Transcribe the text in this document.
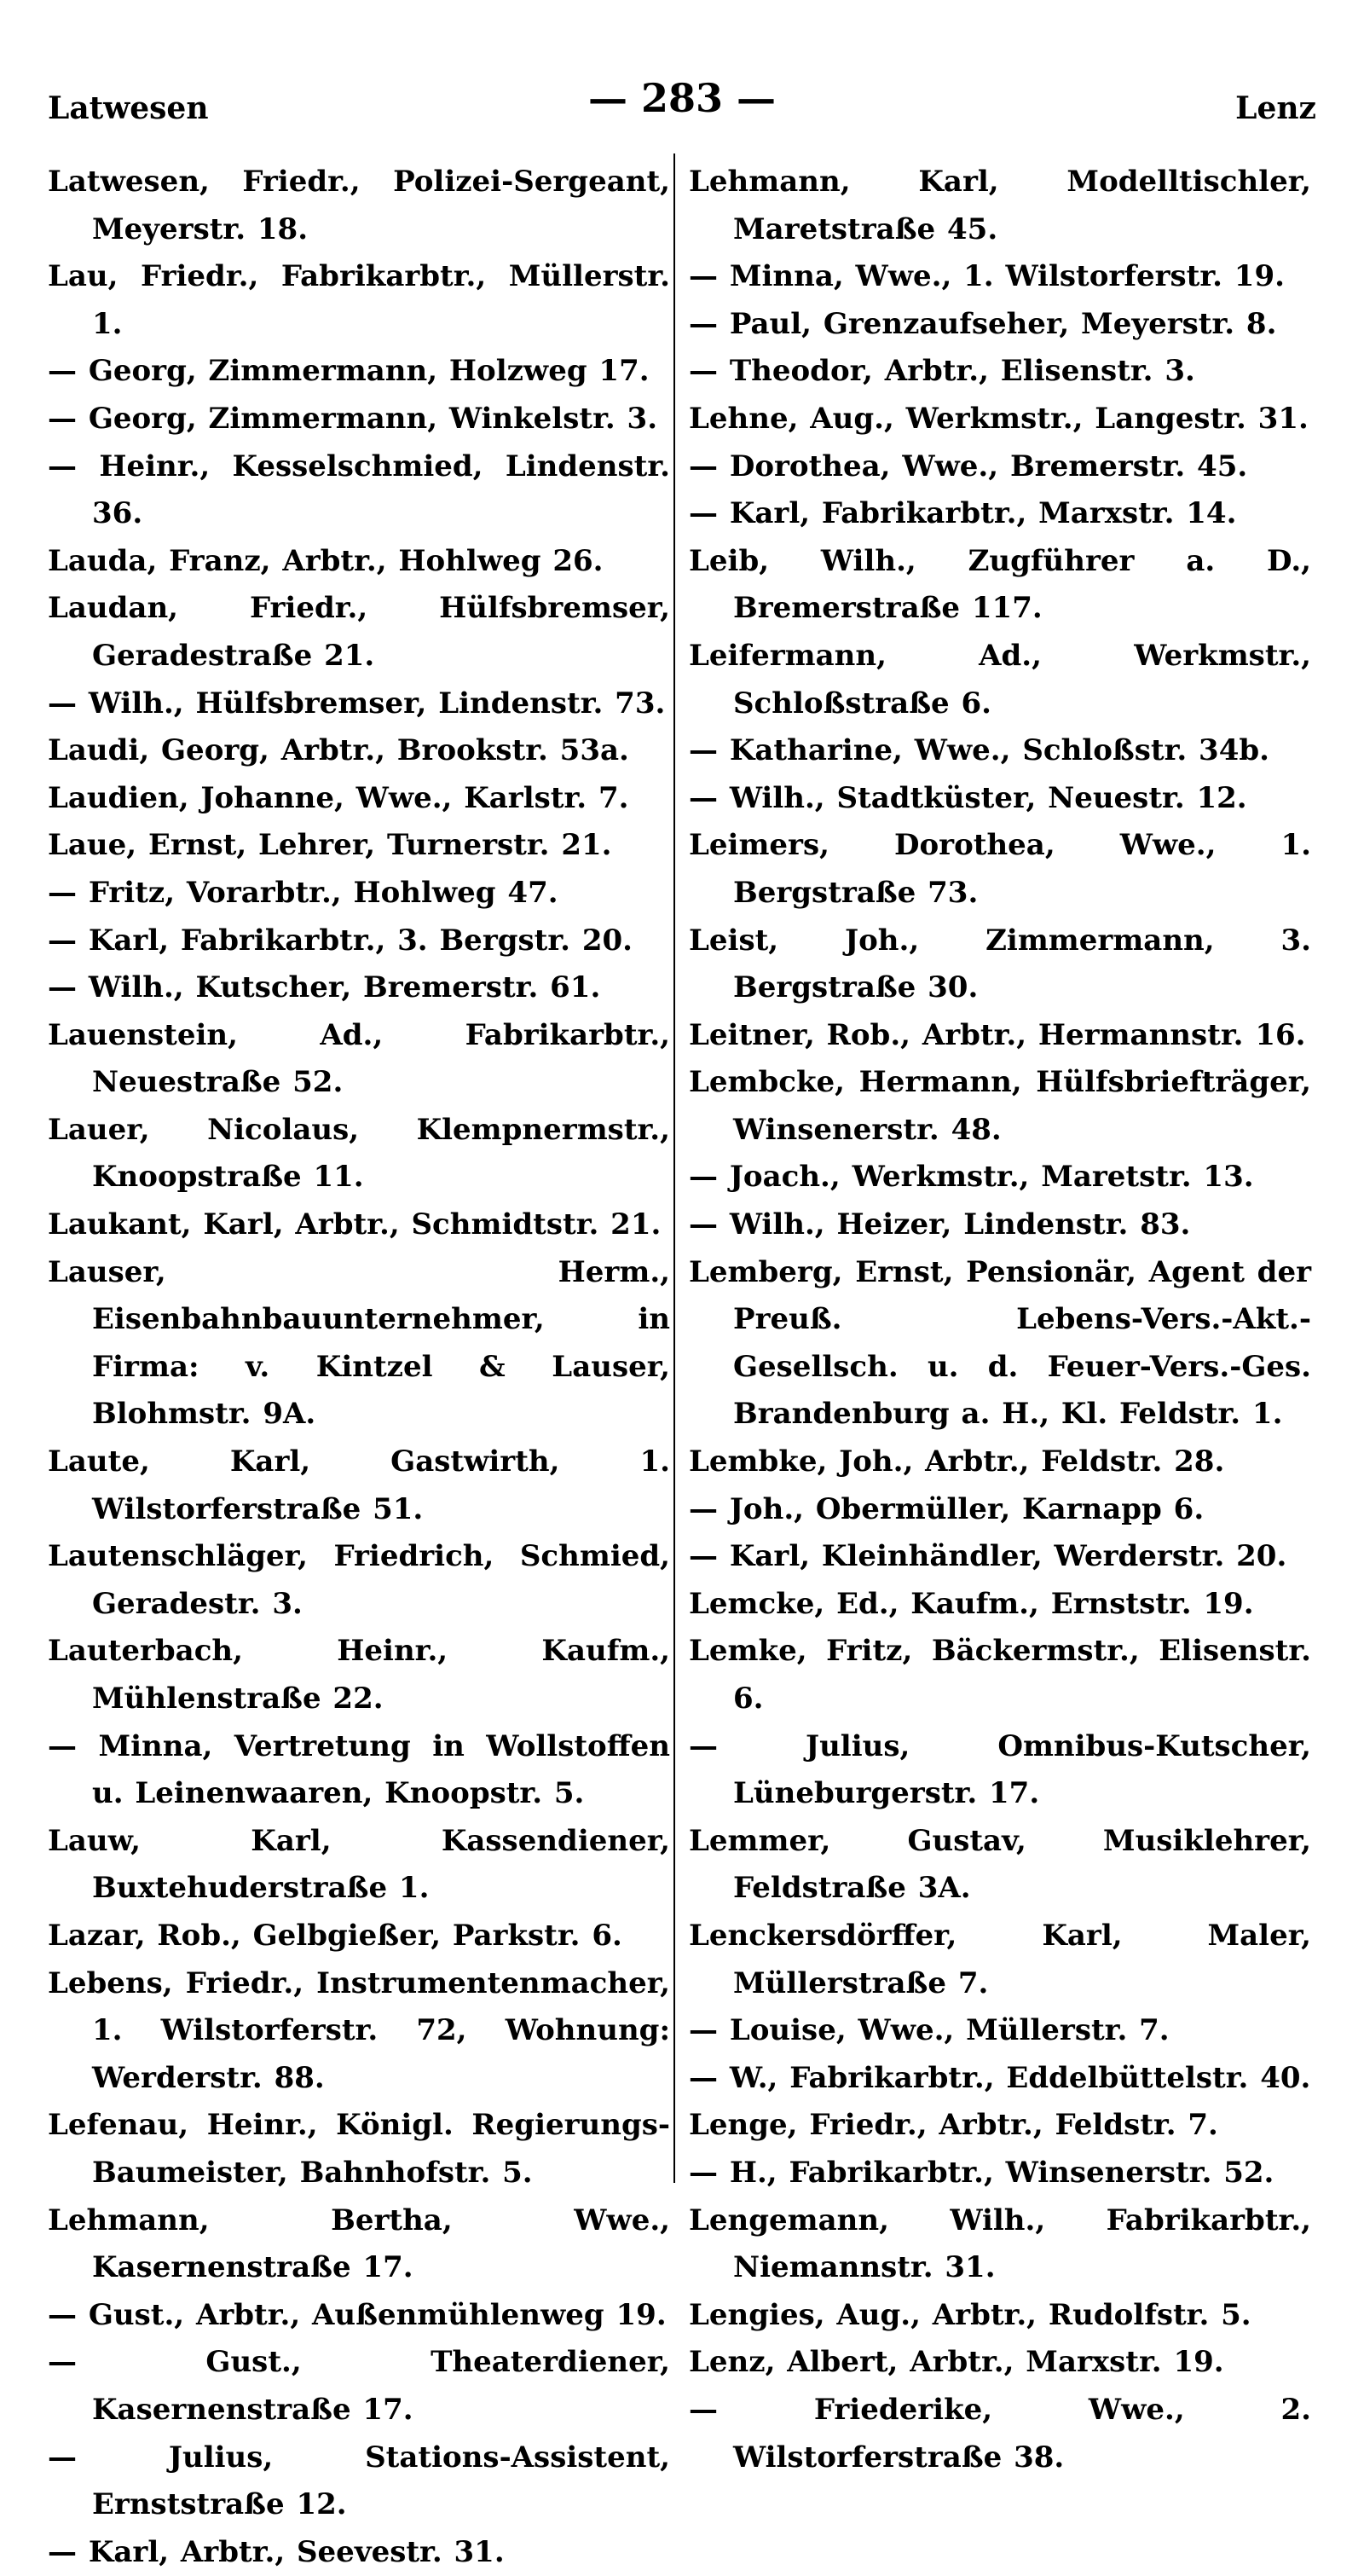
Latwesen	— 283 —	Lenz
Latwesen, Friedr., Polizei-Sergeant, Meyerstr. 18.
Lau, Friedr., Fabrikarbtr., Müllerstr. 1.
— Georg, Zimmermann, Holzweg 17.
— Georg, Zimmermann, Winkelstr. 3.
— Heinr., Kesselschmied, Lindenstr. 36.
Lauda, Franz, Arbtr., Hohlweg 26.
Laudan, Friedr., Hülfsbremser, Geradestraße 21.
— Wilh., Hülfsbremser, Lindenstr. 73.
Laudi, Georg, Arbtr., Brookstr. 53a.
Laudien, Johanne, Wwe., Karlstr. 7.
Laue, Ernst, Lehrer, Turnerstr. 21.
— Fritz, Vorarbtr., Hohlweg 47.
— Karl, Fabrikarbtr., 3. Bergstr. 20.
— Wilh., Kutscher, Bremerstr. 61.
Lauenstein, Ad., Fabrikarbtr., Neuestraße 52.
Lauer, Nicolaus, Klempnermstr., Knoopstraße 11.
Laukant, Karl, Arbtr., Schmidtstr. 21.
Lauser, Herm., Eisenbahnbauunternehmer, in Firma: v. Kintzel & Lauser, Blohmstr. 9A.
Laute, Karl, Gastwirth, 1. Wilstorferstraße 51.
Lautenschläger, Friedrich, Schmied, Geradestr. 3.
Lauterbach, Heinr., Kaufm., Mühlenstraße 22.
— Minna, Vertretung in Wollstoffen u. Leinenwaaren, Knoopstr. 5.
Lauw, Karl, Kassendiener, Buxtehuderstraße 1.
Lazar, Rob., Gelbgießer, Parkstr. 6.
Lebens, Friedr., Instrumentenmacher, 1. Wilstorferstr. 72, Wohnung: Werderstr. 88.
Lefenau, Heinr., Königl. Regierungs-Baumeister, Bahnhofstr. 5.
Lehmann, Bertha, Wwe., Kasernenstraße 17.
— Gust., Arbtr., Außenmühlenweg 19.
— Gust., Theaterdiener, Kasernenstraße 17.
— Julius, Stations-Assistent, Ernststraße 12.
— Karl, Arbtr., Seevestr. 31.
Lehmann, Karl, Modelltischler, Maretstraße 45.
— Minna, Wwe., 1. Wilstorferstr. 19.
— Paul, Grenzaufseher, Meyerstr. 8.
— Theodor, Arbtr., Elisenstr. 3.
Lehne, Aug., Werkmstr., Langestr. 31.
— Dorothea, Wwe., Bremerstr. 45.
— Karl, Fabrikarbtr., Marxstr. 14.
Leib, Wilh., Zugführer a. D., Bremerstraße 117.
Leifermann, Ad., Werkmstr., Schloßstraße 6.
— Katharine, Wwe., Schloßstr. 34b.
— Wilh., Stadtküster, Neuestr. 12.
Leimers, Dorothea, Wwe., 1. Bergstraße 73.
Leist, Joh., Zimmermann, 3. Bergstraße 30.
Leitner, Rob., Arbtr., Hermannstr. 16.
Lembcke, Hermann, Hülfsbriefträger, Winsenerstr. 48.
— Joach., Werkmstr., Maretstr. 13.
— Wilh., Heizer, Lindenstr. 83.
Lemberg, Ernst, Pensionär, Agent der Preuß. Lebens-Vers.-Akt.-Gesellsch. u. d. Feuer-Vers.-Ges. Brandenburg a. H., Kl. Feldstr. 1.
Lembke, Joh., Arbtr., Feldstr. 28.
— Joh., Obermüller, Karnapp 6.
— Karl, Kleinhändler, Werderstr. 20.
Lemcke, Ed., Kaufm., Ernststr. 19.
Lemke, Fritz, Bäckermstr., Elisenstr. 6.
— Julius, Omnibus-Kutscher, Lüneburgerstr. 17.
Lemmer, Gustav, Musiklehrer, Feldstraße 3A.
Lenckersdörffer, Karl, Maler, Müllerstraße 7.
— Louise, Wwe., Müllerstr. 7.
— W., Fabrikarbtr., Eddelbüttelstr. 40.
Lenge, Friedr., Arbtr., Feldstr. 7.
— H., Fabrikarbtr., Winsenerstr. 52.
Lengemann, Wilh., Fabrikarbtr., Niemannstr. 31.
Lengies, Aug., Arbtr., Rudolfstr. 5.
Lenz, Albert, Arbtr., Marxstr. 19.
— Friederike, Wwe., 2. Wilstorferstraße 38.
